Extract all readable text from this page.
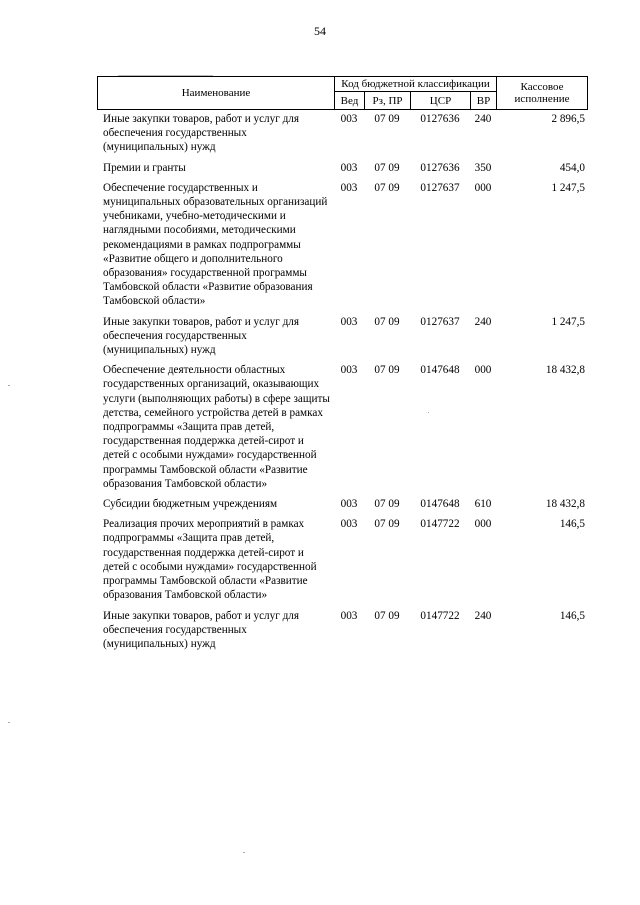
54
Наименование	Код бюджетной классификации				Кассовое исполнение
	Вед	Рз, ПР	ЦСР	ВР	
Иные закупки товаров, работ и услуг для обеспечения государственных (муниципальных) нужд	003	07 09	0127636	240	2 896,5
Премии и гранты	003	07 09	0127636	350	454,0
Обеспечение государственных и муниципальных образовательных организаций учебниками, учебно-методическими и наглядными пособиями, методическими рекомендациями в рамках подпрограммы «Развитие общего и дополнительного образования» государственной программы Тамбовской области «Развитие образования Тамбовской области»	003	07 09	0127637	000	1 247,5
Иные закупки товаров, работ и услуг для обеспечения государственных (муниципальных) нужд	003	07 09	0127637	240	1 247,5
Обеспечение деятельности областных государственных организаций, оказывающих услуги (выполняющих работы) в сфере защиты детства, семейного устройства детей в рамках подпрограммы «Защита прав детей, государственная поддержка детей-сирот и детей с особыми нуждами» государственной программы Тамбовской области «Развитие образования Тамбовской области»	003	07 09	0147648	000	18 432,8
Субсидии бюджетным учреждениям	003	07 09	0147648	610	18 432,8
Реализация прочих мероприятий в рамках подпрограммы «Защита прав детей, государственная поддержка детей-сирот и детей с особыми нуждами» государственной программы Тамбовской области «Развитие образования Тамбовской области»	003	07 09	0147722	000	146,5
Иные закупки товаров, работ и услуг для обеспечения государственных (муниципальных) нужд	003	07 09	0147722	240	146,5
